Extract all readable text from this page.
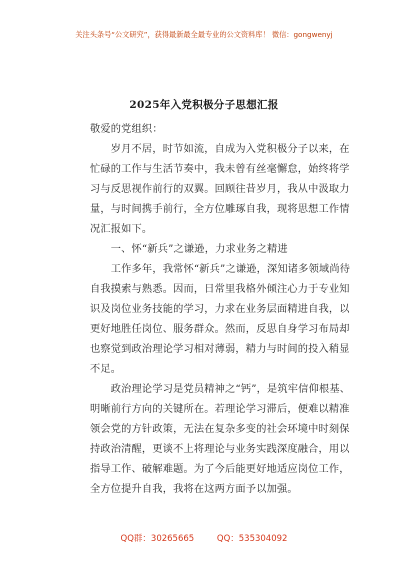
关注头条号“公文研究”，获得最新最全最专业的公文资料库！ 微信：gongwenyj
2025年入党积极分子思想汇报

敬爱的党组织：

　　岁月不居，时节如流，自成为入党积极分子以来，在忙碌的工作与生活节奏中，我未曾有丝毫懈怠，始终将学习与反思视作前行的双翼。回顾往昔岁月，我从中汲取力量，与时间携手前行，全方位雕琢自我，现将思想工作情况汇报如下。

　　一、怀“新兵”之谦逊，力求业务之精进

　　工作多年，我常怀“新兵”之谦逊，深知诸多领域尚待自我摸索与熟悉。因而，日常里我格外倾注心力于专业知识及岗位业务技能的学习，力求在业务层面精进自我，以更好地胜任岗位、服务群众。然而，反思自身学习布局却也察觉到政治理论学习相对薄弱，精力与时间的投入稍显不足。

　　政治理论学习是党员精神之“钙”，是筑牢信仰根基、明晰前行方向的关键所在。若理论学习滞后，便难以精准领会党的方针政策，无法在复杂多变的社会环境中时刻保持政治清醒，更谈不上将理论与业务实践深度融合，用以指导工作、破解难题。为了今后能更好地适应岗位工作，全方位提升自我，我将在这两方面予以加强。

QQ群：30265665	QQ：535304092
